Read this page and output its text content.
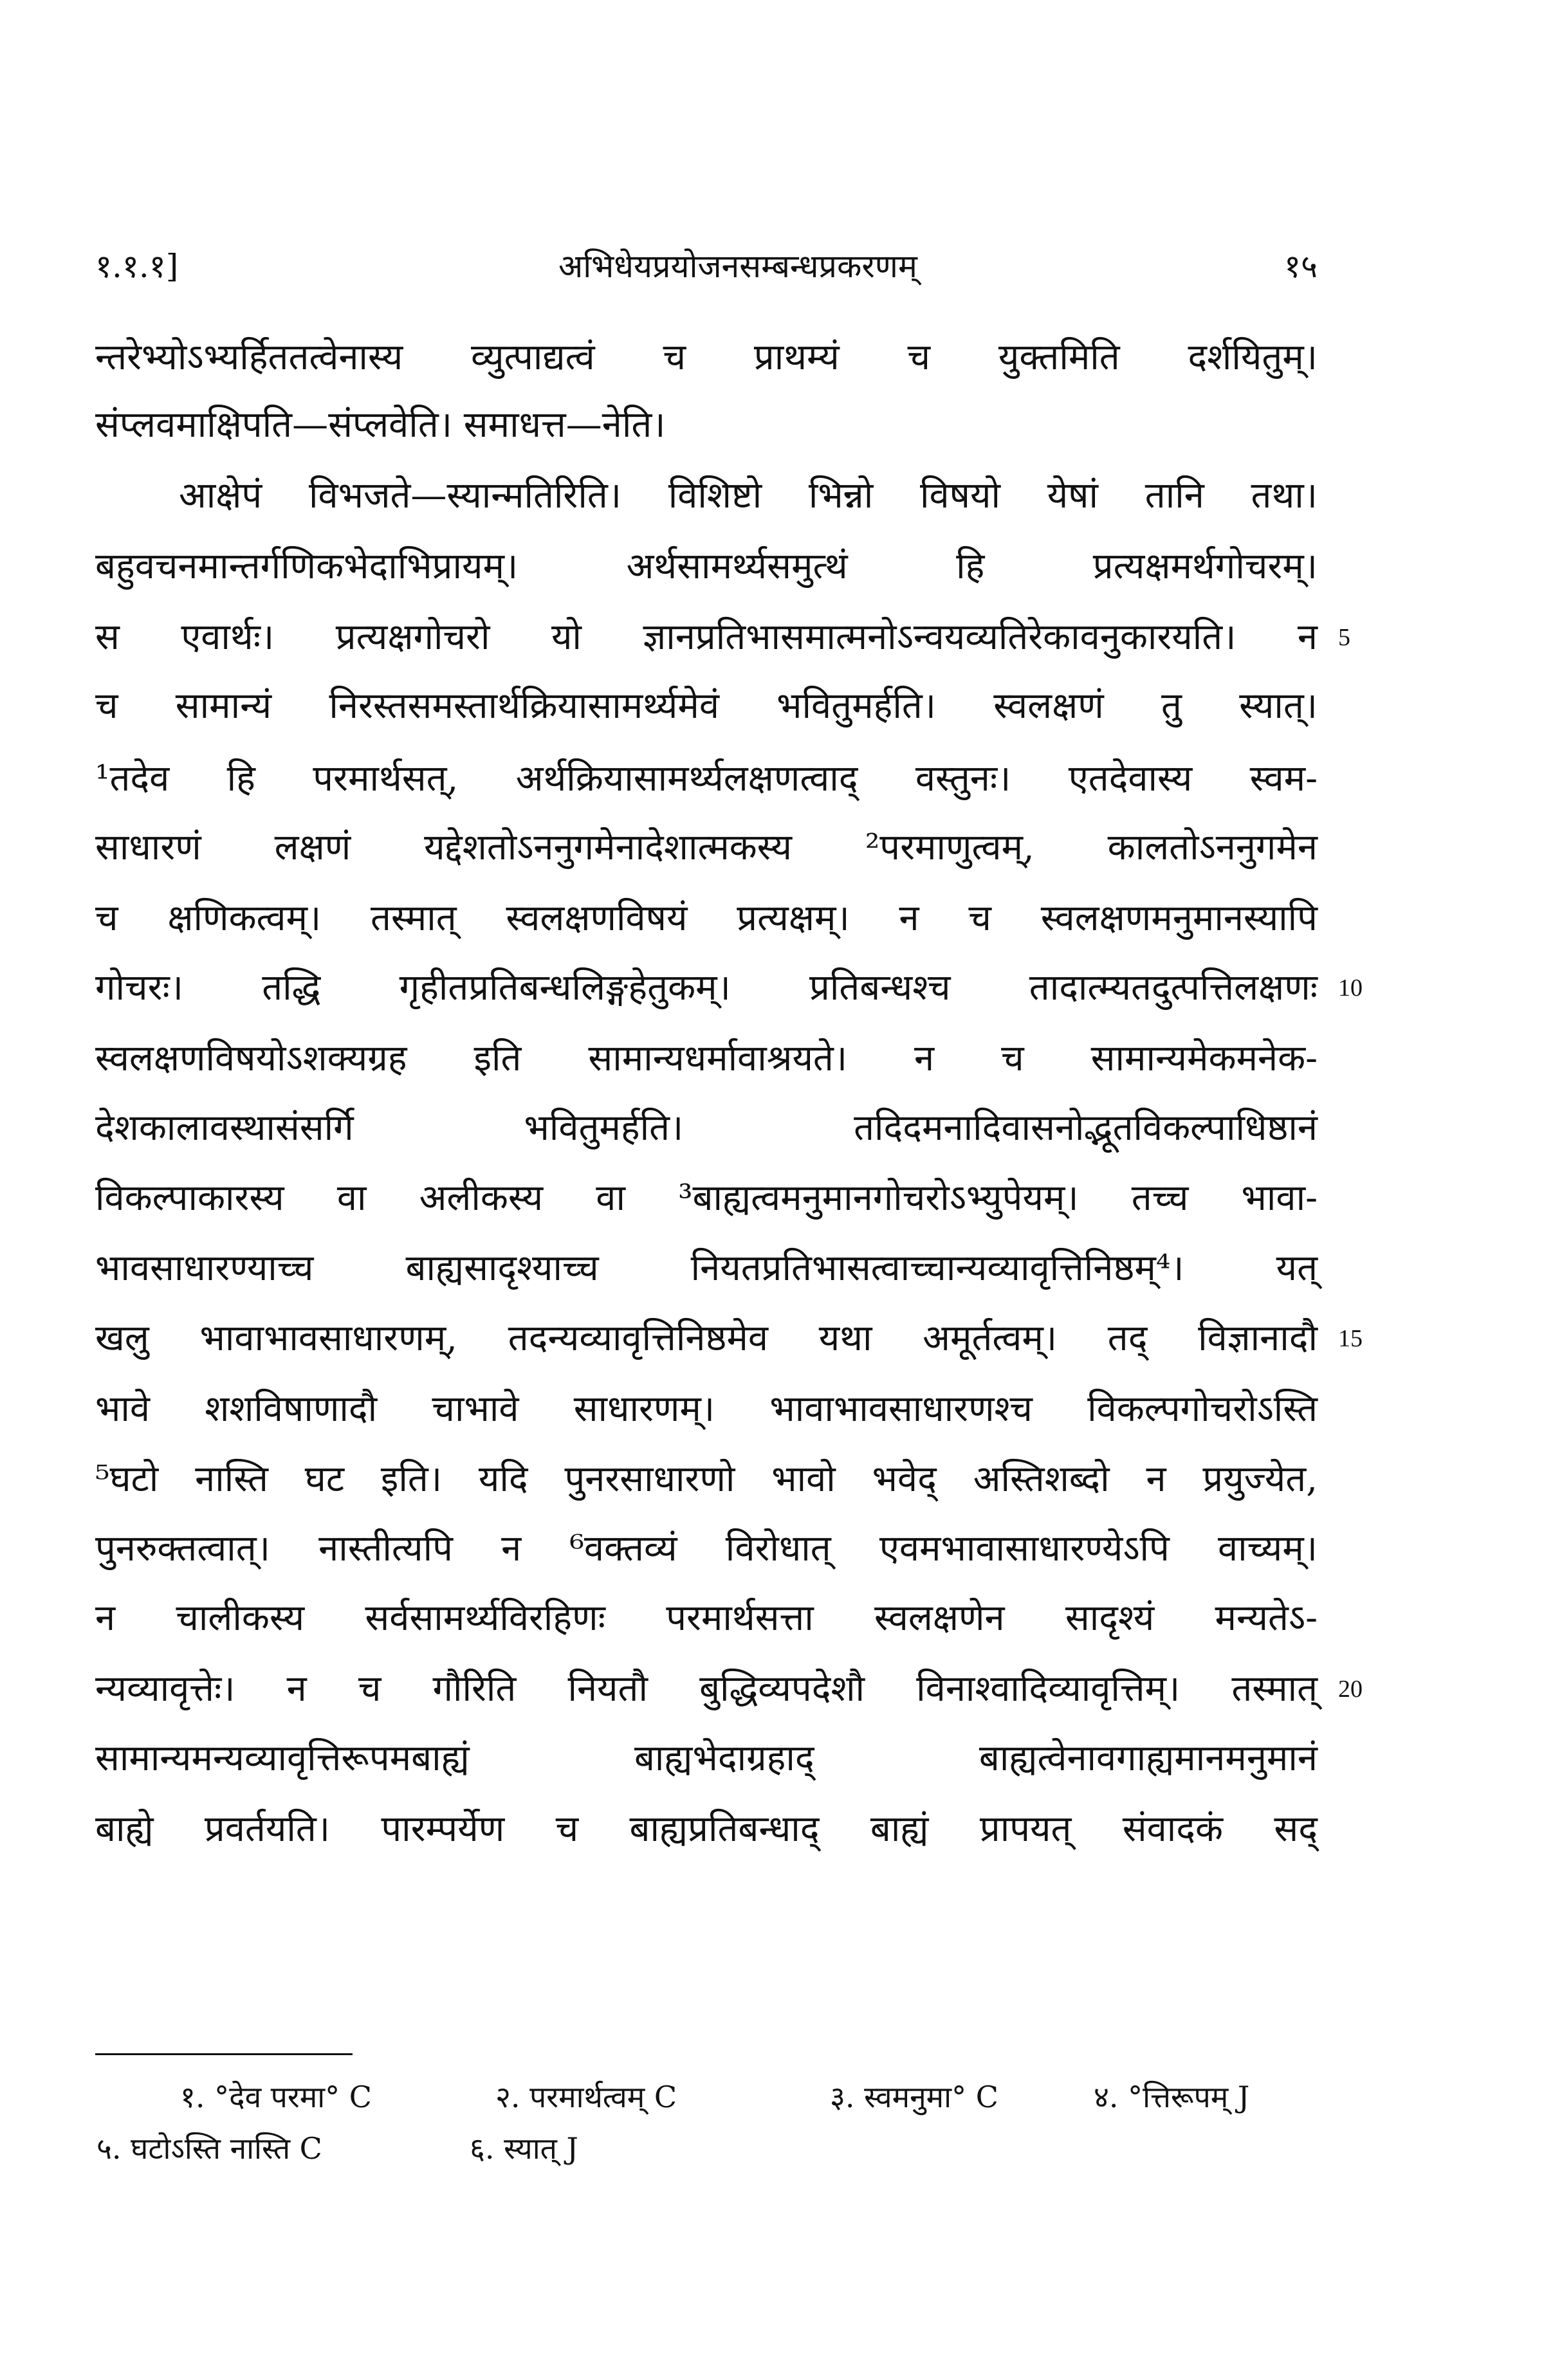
१.१.१]	अभिधेयप्रयोजनसम्बन्धप्रकरणम्	१५
न्तरेभ्योऽभ्यर्हिततत्वेनास्य व्युत्पाद्यत्वं च प्राथम्यं च युक्तमिति दर्शयितुम्।
संप्लवमाक्षिपति—संप्लवेति। समाधत्त—नेति।
आक्षेपं विभजते—स्यान्मतिरिति। विशिष्टो भिन्नो विषयो येषां तानि तथा।
बहुवचनमान्तर्गणिकभेदाभिप्रायम्। अर्थसामर्थ्यसमुत्थं हि प्रत्यक्षमर्थगोचरम्।
स एवार्थः। प्रत्यक्षगोचरो यो ज्ञानप्रतिभासमात्मनोऽन्वयव्यतिरेकावनुकारयति। न
च सामान्यं निरस्तसमस्तार्थक्रियासामर्थ्यमेवं भवितुमर्हति। स्वलक्षणं तु स्यात्।
¹तदेव हि परमार्थसत्, अर्थक्रियासामर्थ्यलक्षणत्वाद् वस्तुनः। एतदेवास्य स्वम-
साधारणं लक्षणं यद्देशतोऽननुगमेनादेशात्मकस्य ²परमाणुत्वम्, कालतोऽननुगमेन
च क्षणिकत्वम्। तस्मात् स्वलक्षणविषयं प्रत्यक्षम्। न च स्वलक्षणमनुमानस्यापि
गोचरः। तद्धि गृहीतप्रतिबन्धलिङ्गहेतुकम्। प्रतिबन्धश्च तादात्म्यतदुत्पत्तिलक्षणः
स्वलक्षणविषयोऽशक्यग्रह इति सामान्यधर्मावाश्रयते। न च सामान्यमेकमनेक-
देशकालावस्थासंसर्गि भवितुमर्हति। तदिदमनादिवासनोद्भूतविकल्पाधिष्ठानं
विकल्पाकारस्य वा अलीकस्य वा ³बाह्यत्वमनुमानगोचरोऽभ्युपेयम्। तच्च भावा-
भावसाधारण्याच्च बाह्यसादृश्याच्च नियतप्रतिभासत्वाच्चान्यव्यावृत्तिनिष्ठम्⁴। यत्
खलु भावाभावसाधारणम्, तदन्यव्यावृत्तिनिष्ठमेव यथा अमूर्तत्वम्। तद् विज्ञानादौ
भावे शशविषाणादौ चाभावे साधारणम्। भावाभावसाधारणश्च विकल्पगोचरोऽस्ति
⁵घटो नास्ति घट इति। यदि पुनरसाधारणो भावो भवेद् अस्तिशब्दो न प्रयुज्येत,
पुनरुक्तत्वात्। नास्तीत्यपि न ⁶वक्तव्यं विरोधात् एवमभावासाधारण्येऽपि वाच्यम्।
न चालीकस्य सर्वसामर्थ्यविरहिणः परमार्थसत्ता स्वलक्षणेन सादृश्यं मन्यतेऽ-
न्यव्यावृत्तेः। न च गौरिति नियतौ बुद्धिव्यपदेशौ विनाश्वादिव्यावृत्तिम्। तस्मात्
सामान्यमन्यव्यावृत्तिरूपमबाह्यं बाह्यभेदाग्रहाद् बाह्यत्वेनावगाह्यमानमनुमानं
बाह्ये प्रवर्तयति। पारम्पर्येण च बाह्यप्रतिबन्धाद् बाह्यं प्रापयत् संवादकं सद्
5
10
15
20
१. °देव परमा° C	२. परमार्थत्वम् C	३. स्वमनुमा° C	४. °त्तिरूपम् J
५. घटोऽस्ति नास्ति C	६. स्यात् J
